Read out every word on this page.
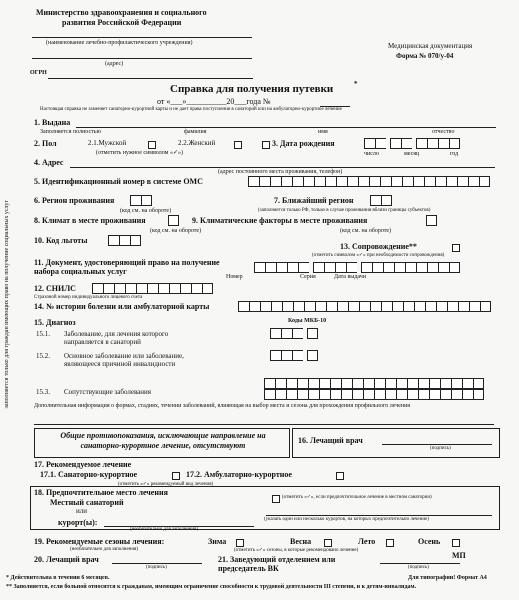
Министерство здравоохранения и социального
развития Российской Федерации
(наименование лечебно-профилактического учреждения)
(адрес)
ОГРН
Медицинская документация
Форма № 070/у-04
Справка для получения путевки	*
от «___»__________20___года №
Настоящая справка не заменяет санаторно-курортной карты и не дает права поступления в санаторий или на амбулаторно-курортное лечение
заполняется только для граждан имеющих право на получение социальных услуг
1. Выдана
Заполняется полностью	фамилия	имя	отчество
2. Пол	2.1.Мужской	2.2.Женский
(отметить нужное символом «✓»)
3. Дата рождения
число	месяц	год
4. Адрес
(адрес постоянного места проживания, телефон)
5. Идентификационный номер в системе ОМС
6. Регион проживания
(код см. на обороте)
7. Ближайший регион
(заполняется только РФ, только в случае проживания вблизи границы субъектов)
8. Климат в месте проживания
(код см. на обороте)
9. Климатические факторы в месте проживания
(код см. на обороте)
10. Код льготы
13. Сопровождение**
(отметить символом «✓» при необходимости сопровождения)
11. Документ, удостоверяющий право на получение набора социальных услуг
Номер	Серия	Дата выдачи
12. СНИЛС
Страховой номер индивидуального лицевого счета
14. № истории болезни или амбулаторной карты
15. Диагноз	Коды МКБ-10
15.1. Заболевание, для лечения которого направляется в санаторий
15.2. Основное заболевание или заболевание, являющееся причиной инвалидности
15.3. Сопутствующие заболевания
Дополнительная информация о формах, стадиях, течении заболеваний, влияющая на выбор места и сезона для прохождения профильного лечения
Общие противопоказания, исключающие направление на санаторно-курортное лечение, отсутствуют
16. Лечащий врач
(подпись)
17. Рекомендуемое лечение
17.1. Санаторно-курортное	17.2. Амбулаторно-курортное
(отметить «✓» рекомендуемый вид лечения)
18. Предпочтительное место лечения
Местный санаторий
(отметить «✓», если предпочтительное лечение в местном санатории)
или
курорт(ы):
(необязательно для заполнения)
(указать один или несколько курортов, на которых предпочтительно лечение)
19. Рекомендуемые сезоны лечения:	Зима	Весна	Лето	Осень
(необязательно для заполнения)	(отметить «✓» сезоны, в которые рекомендовано лечение)
20. Лечащий врач
(подпись)
21. Заведующий отделением или председатель ВК
МП
(подпись)
* Действительна в течении 6 месяцев.
** Заполняется, если больной относится к гражданам, имеющим ограничение способности к трудовой деятельности III степени, и к детям-инвалидам.
Для типографии! Формат А4
